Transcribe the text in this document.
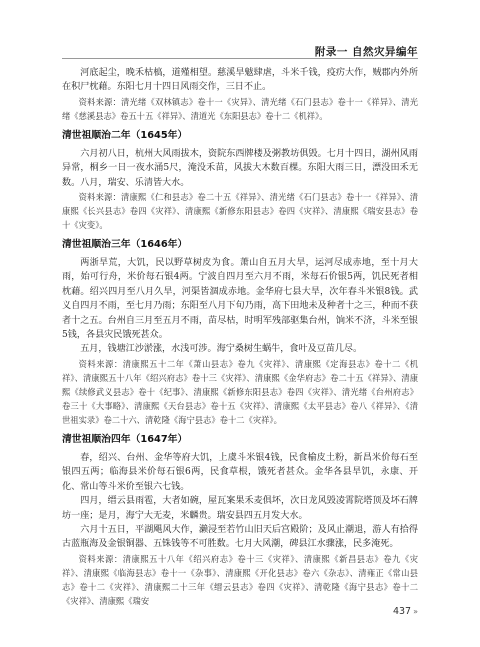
附录一 自然灾异编年

河底起尘，晚禾枯槁，道殣相望。慈溪旱魃肆虐，斗米千钱，疫疠大作，贼郡内外所在积尸枕藉。东阳七月十四日风雨交作，三日不止。

资料来源：清光绪《双林镇志》卷十一《灾异》、清光绪《石门县志》卷十一《祥异》、清光绪《慈溪县志》卷五十五《祥异》、清道光《东阳县志》卷十二《机祥》。

清世祖顺治二年（1645年）

六月初八日，杭州大风雨拔木，资院东西牌楼及粥教坊俱毁。七月十四日，湖州风雨异常，桐乡一日一夜水涌5尺，淹没禾苗，风拔大木数百棵。东阳大雨三日，漂没田禾无数。八月，瑞安、乐清皆大水。

资料来源：清康熙《仁和县志》卷二十五《祥异》、清光绪《石门县志》卷十一《祥异》、清康熙《长兴县志》卷四《灾祥》、清康熙《新修东阳县志》卷四《灾祥》、清康熙《瑞安县志》卷十《灾变》。

清世祖顺治三年（1646年）

两浙旱荒，大饥，民以野草树皮为食。萧山自五月大旱，运河尽成赤地，至十月大雨，始可行舟，米价每石银4两。宁波自四月至六月不雨，米每石价银5两，饥民死者相枕藉。绍兴四月至八月久旱，河渠皆涸成赤地。金华府七县大旱，次年春斗米银8钱。武义自四月不雨，至七月乃雨；东阳至八月下旬乃雨，高下田地未及种者十之三，种而不获者十之五。台州自三月至五月不雨，苗尽枯，时明军残部驱集台州，饷米不济，斗米至银5钱，各县灾民饿死甚众。

五月，钱塘江沙淤涨，水浅可涉。海宁桑树生蜗牛，食叶及豆苗几尽。

资料来源：清康熙五十二年《萧山县志》卷九《灾祥》、清康熙《定海县志》卷十二《机祥》、清康熙五十八年《绍兴府志》卷十三《灾祥》、清康熙《金华府志》卷二十五《祥异》、清康熙《续修武义县志》卷十《纪事》、清康熙《新修东阳县志》卷四《灾祥》、清光绪《台州府志》卷三十《大事略》、清康熙《天台县志》卷十五《灾祥》、清康熙《太平县志》卷八《祥异》、《清世祖实录》卷二十六、清乾隆《海宁县志》卷十二《灾祥》。

清世祖顺治四年（1647年）

春，绍兴、台州、金华等府大饥，上虞斗米银4钱，民食榆皮土粉，新昌米价每石至银四五两；临海县米价每石银6两，民食草根，饿死者甚众。金华各县旱饥，永康、开化、常山等斗米价至银六七钱。

四月，缙云县雨雹，大者如碗，屋瓦案果禾麦俱坏，次日龙风毁凌霄院塔顶及坏石牌坊一座；是月，海宁大无麦，米麟贵。瑞安县四五月发大水。

六月十五日，平湖飓风大作，濑浸至若竹山旧天后宫殿阶；及风止潮退，游人有拾得古蓝瓶海及金银铜器、五铢钱等不可胜数。七月大风潮，碑县江水骤涨，民多淹死。

资料来源：清康熙五十八年《绍兴府志》卷十三《灾祥》、清康熙《新昌县志》卷九《灾祥》、清康熙《临海县志》卷十一《杂事》、清康熙《开化县志》卷六《杂志》、清雍正《常山县志》卷十二《灾祥》、清康熙二十三年《缙云县志》卷四《灾祥》、清乾隆《海宁县志》卷十二《灾祥》、清康熙《瑞安

437 »
